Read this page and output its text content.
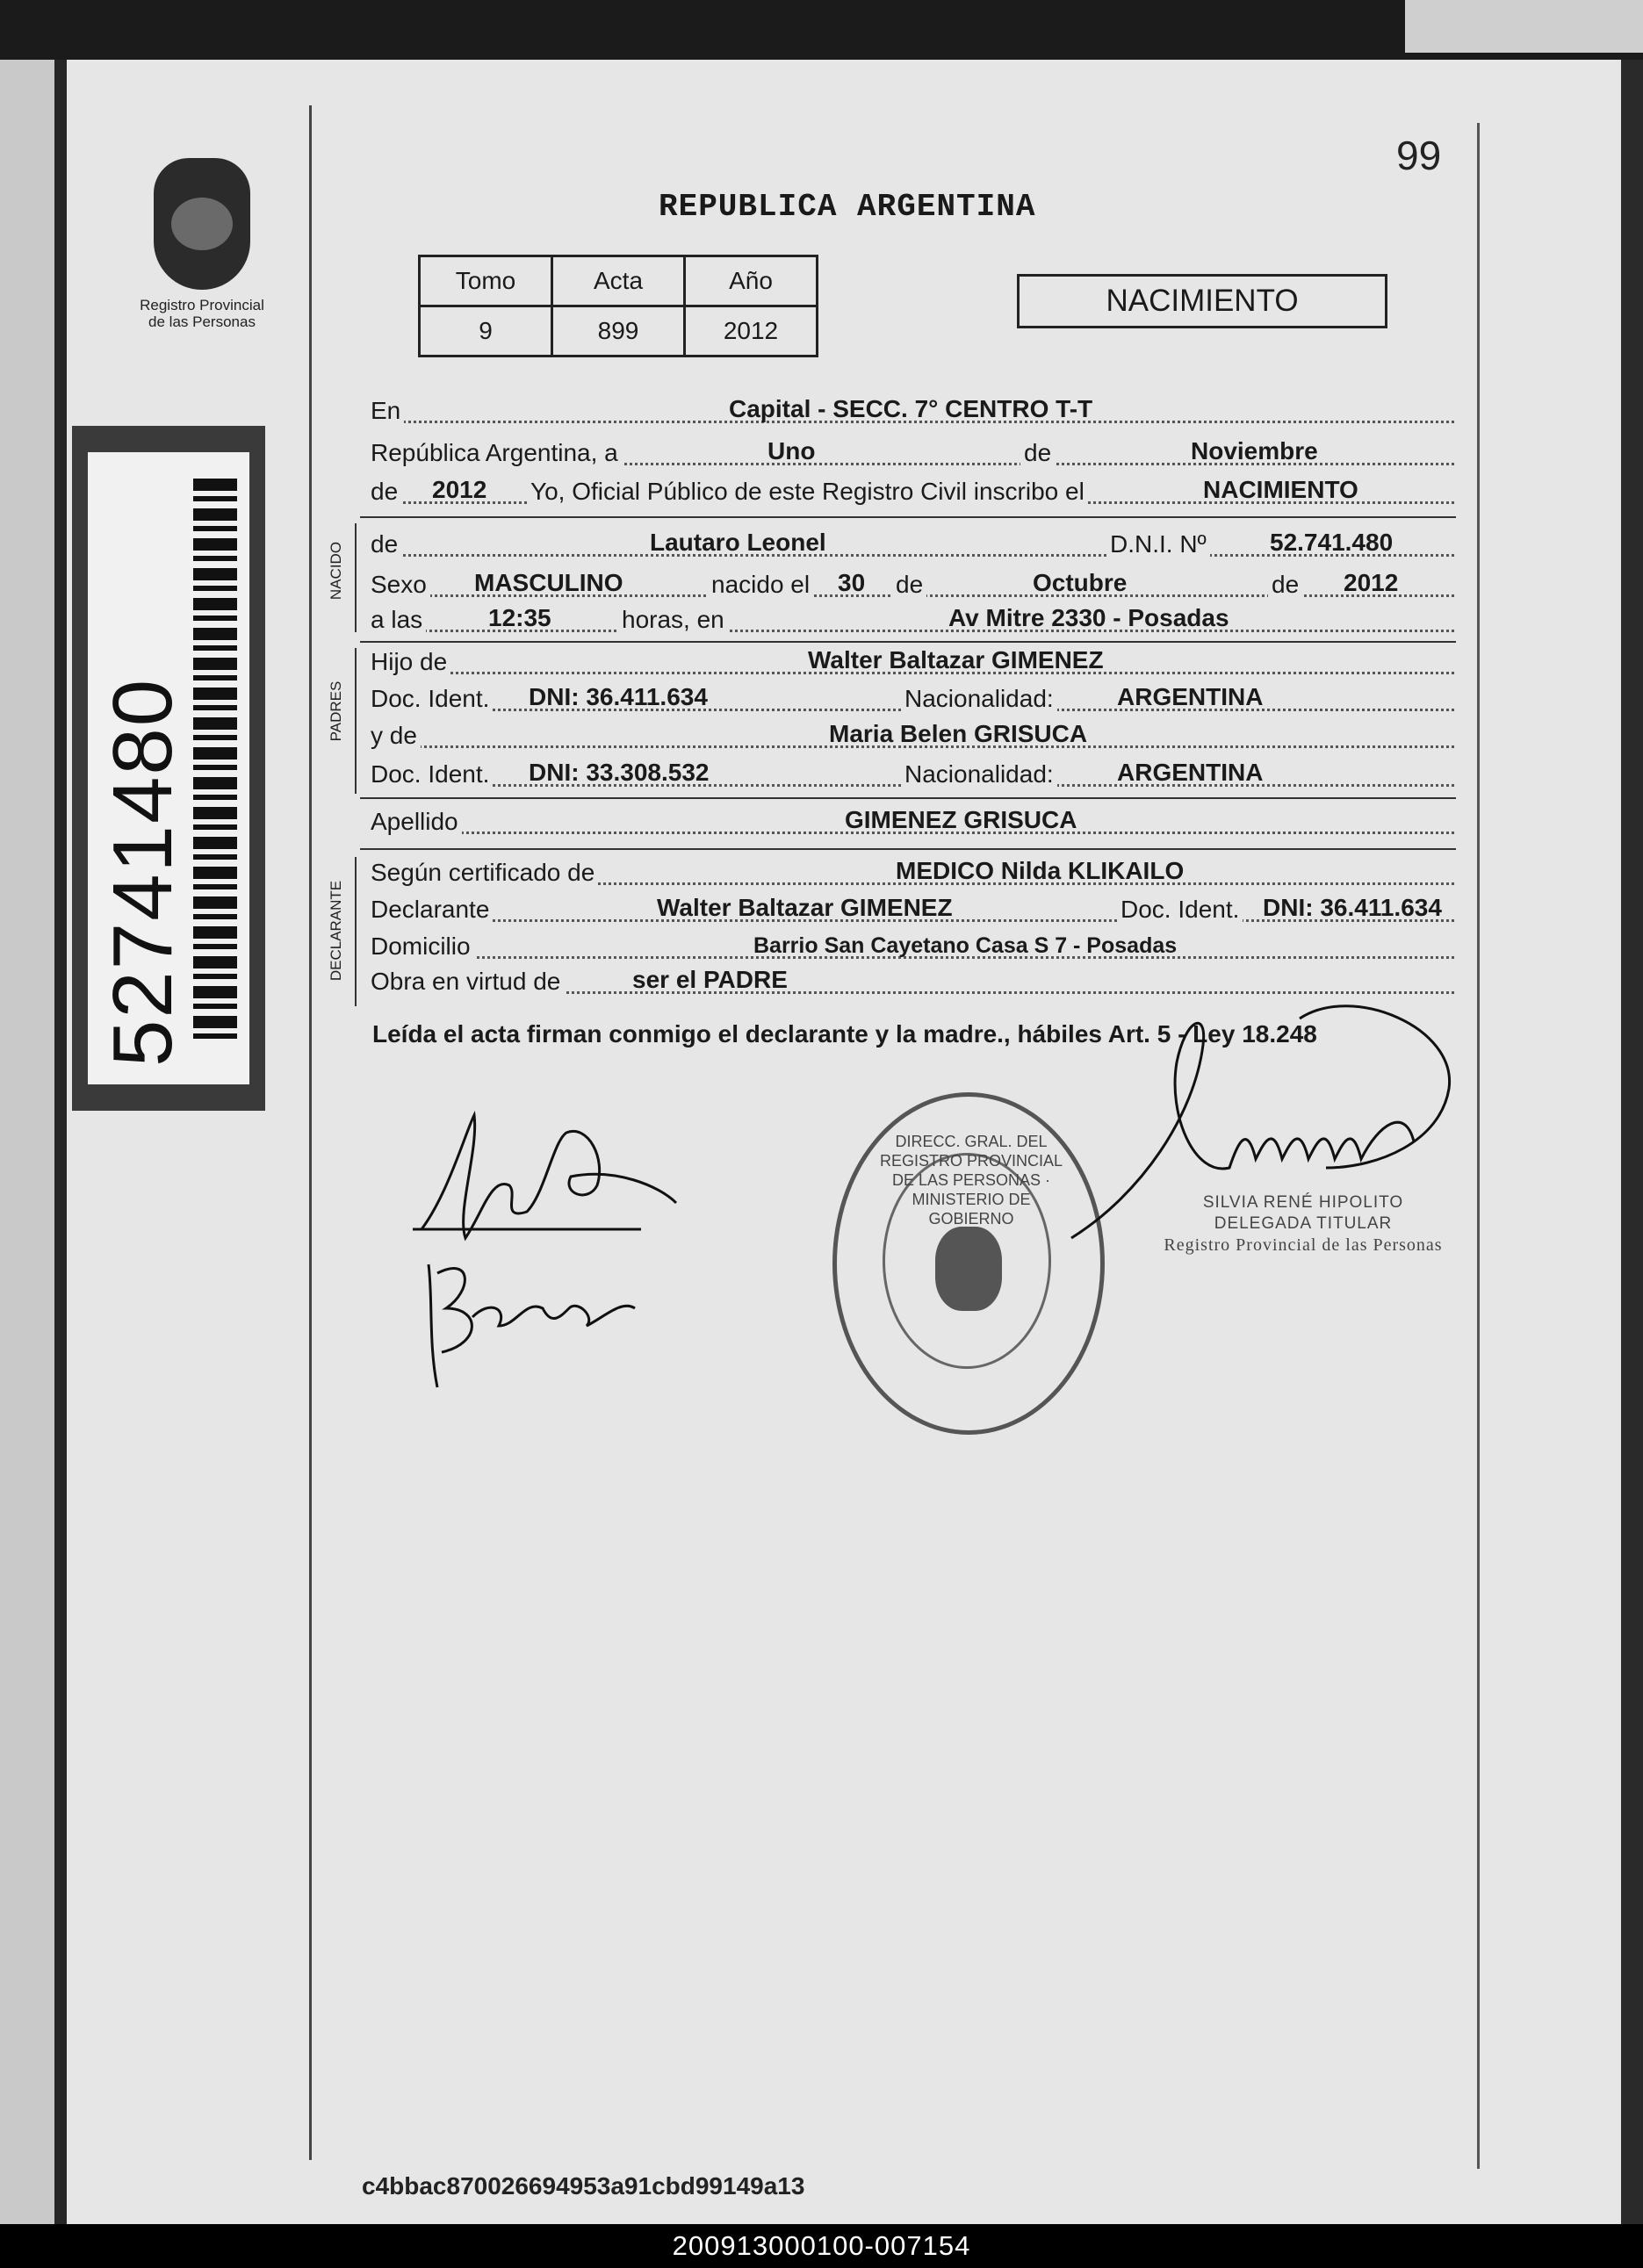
Registro Provincial
de las Personas
52741480
99
REPUBLICA ARGENTINA
Tomo	Acta	Año
9	899	2012
NACIMIENTO
En	Capital - SECC. 7° CENTRO T-T
República Argentina, a	Uno	de	Noviembre
de 2012 Yo, Oficial Público de este Registro Civil inscribo el	NACIMIENTO
NACIDO de	Lautaro Leonel	D.N.I. Nº	52.741.480
Sexo MASCULINO	nacido el 30 de	Octubre	de 2012
a las	12:35	horas, en	Av Mitre 2330 - Posadas
PADRES
Hijo de	Walter Baltazar GIMENEZ
Doc. Ident. DNI: 36.411.634	Nacionalidad:	ARGENTINA
y de	Maria Belen GRISUCA
Doc. Ident. DNI: 33.308.532	Nacionalidad:	ARGENTINA
Apellido	GIMENEZ GRISUCA
DECLARANTE
Según certificado de	MEDICO Nilda KLIKAILO
Declarante	Walter Baltazar GIMENEZ	Doc. Ident. DNI: 36.411.634
Domicilio	Barrio San Cayetano Casa S 7 - Posadas
Obra en virtud de	ser el PADRE
Leída el acta firman conmigo el declarante y la madre., hábiles Art. 5 - Ley 18.248
DIRECC. GRAL. DEL REGISTRO PROVINCIAL DE LAS PERSONAS · MINISTERIO DE GOBIERNO
SILVIA RENÉ HIPOLITO
DELEGADA TITULAR
Registro Provincial de las Personas
c4bbac870026694953a91cbd99149a13
200913000100-007154
